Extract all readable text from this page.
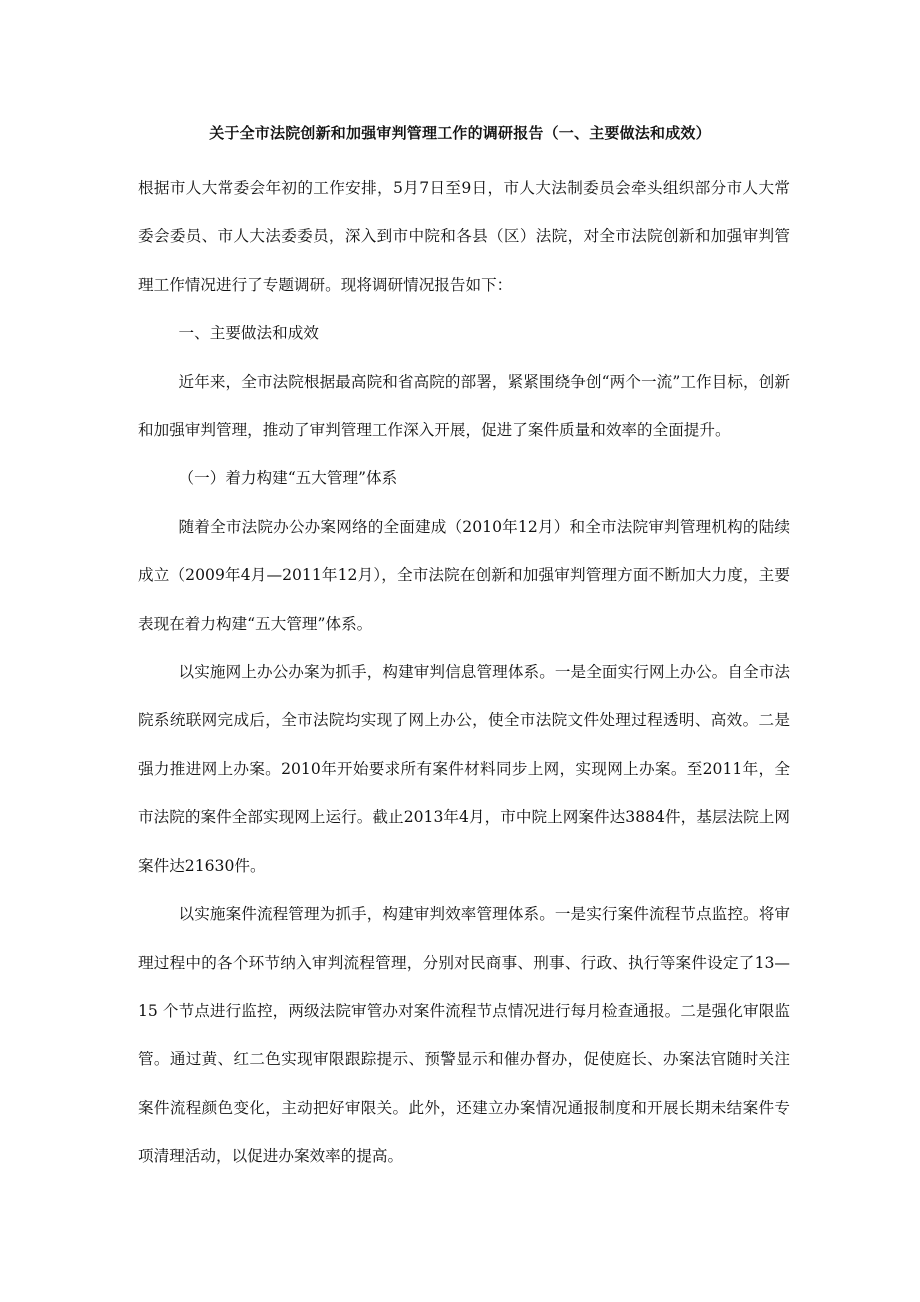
关于全市法院创新和加强审判管理工作的调研报告（一、主要做法和成效）

根据市人大常委会年初的工作安排，5月7日至9日，市人大法制委员会牵头组织部分市人大常委会委员、市人大法委委员，深入到市中院和各县（区）法院，对全市法院创新和加强审判管理工作情况进行了专题调研。现将调研情况报告如下：

一、主要做法和成效

近年来，全市法院根据最高院和省高院的部署，紧紧围绕争创“两个一流”工作目标，创新和加强审判管理，推动了审判管理工作深入开展，促进了案件质量和效率的全面提升。

（一）着力构建“五大管理”体系

随着全市法院办公办案网络的全面建成（2010年12月）和全市法院审判管理机构的陆续成立（2009年4月—2011年12月），全市法院在创新和加强审判管理方面不断加大力度，主要表现在着力构建“五大管理”体系。

以实施网上办公办案为抓手，构建审判信息管理体系。一是全面实行网上办公。自全市法院系统联网完成后，全市法院均实现了网上办公，使全市法院文件处理过程透明、高效。二是强力推进网上办案。2010年开始要求所有案件材料同步上网，实现网上办案。至2011年，全市法院的案件全部实现网上运行。截止2013年4月，市中院上网案件达3884件，基层法院上网案件达21630件。

以实施案件流程管理为抓手，构建审判效率管理体系。一是实行案件流程节点监控。将审理过程中的各个环节纳入审判流程管理，分别对民商事、刑事、行政、执行等案件设定了13—15 个节点进行监控，两级法院审管办对案件流程节点情况进行每月检查通报。二是强化审限监管。通过黄、红二色实现审限跟踪提示、预警显示和催办督办，促使庭长、办案法官随时关注案件流程颜色变化，主动把好审限关。此外，还建立办案情况通报制度和开展长期未结案件专项清理活动，以促进办案效率的提高。
